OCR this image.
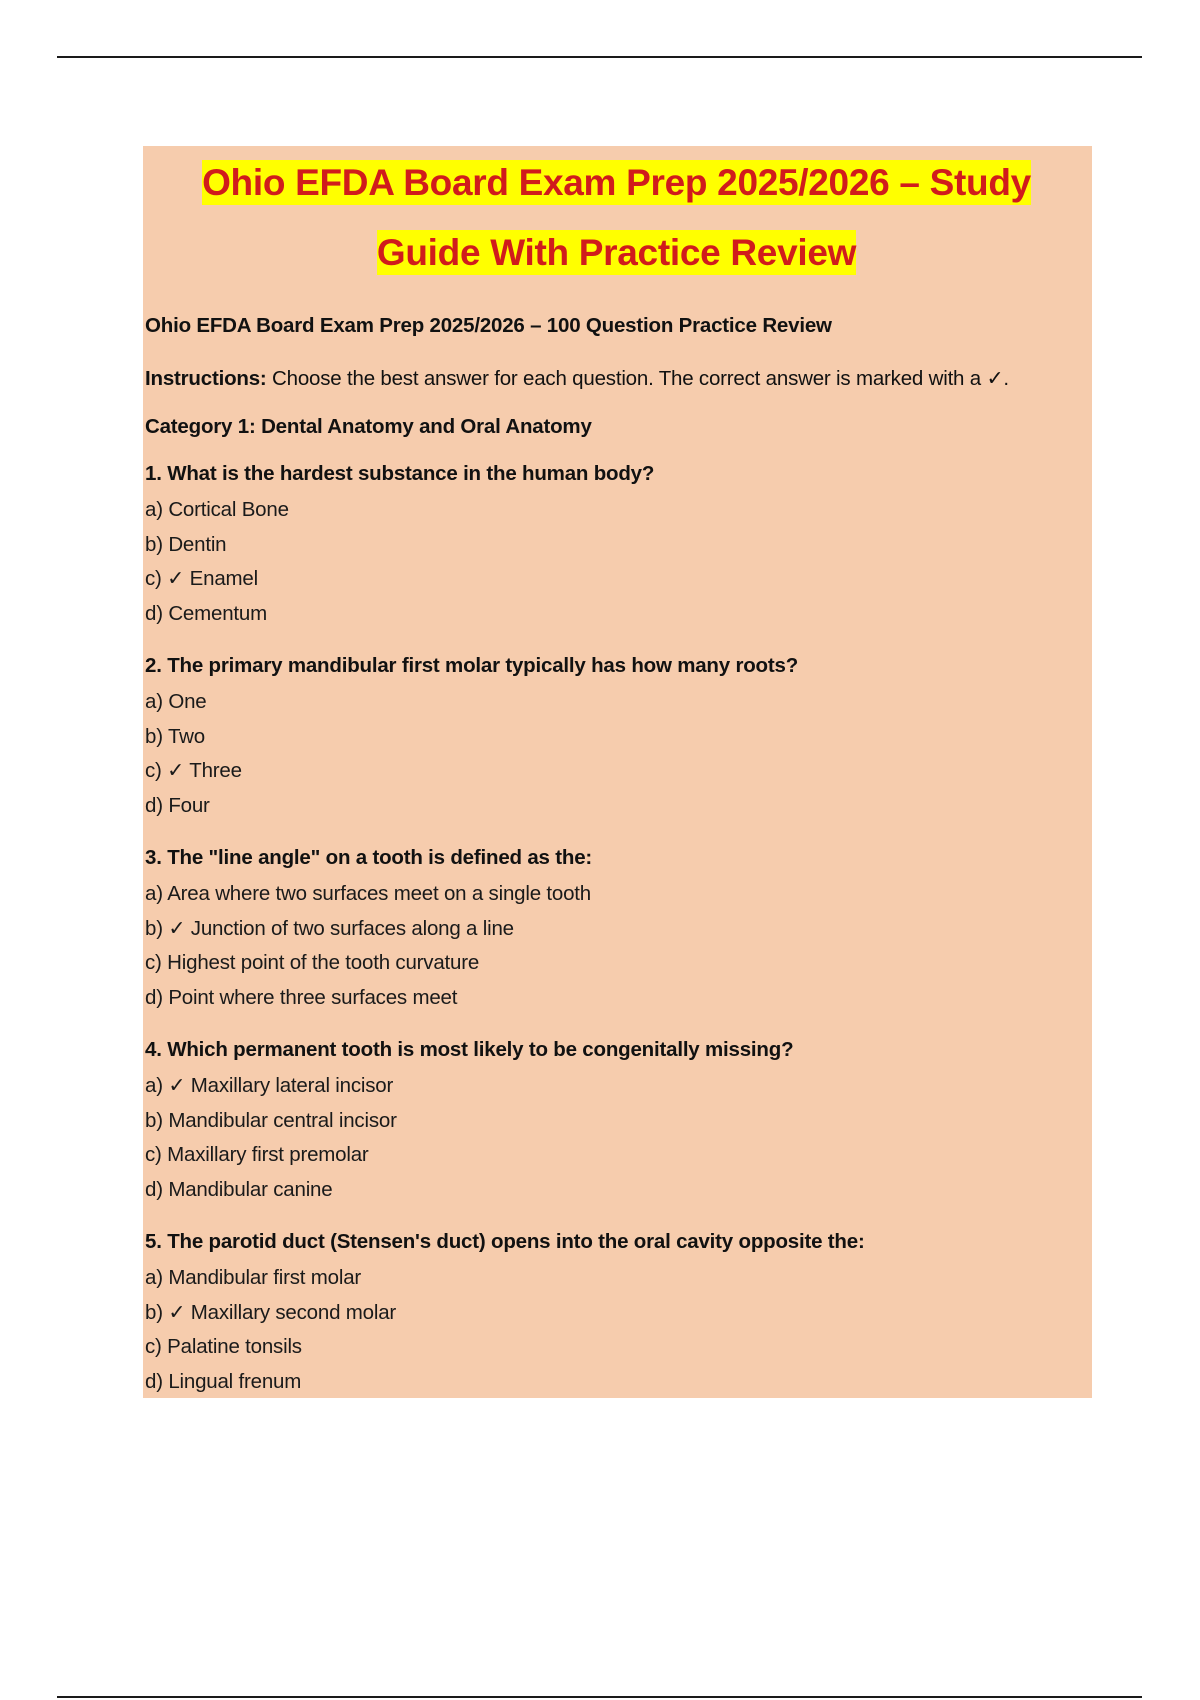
Ohio EFDA Board Exam Prep 2025/2026 – Study
Guide With Practice Review
Ohio EFDA Board Exam Prep 2025/2026 – 100 Question Practice Review
Instructions: Choose the best answer for each question. The correct answer is marked with a ✓.
Category 1: Dental Anatomy and Oral Anatomy
1. What is the hardest substance in the human body?
a) Cortical Bone
b) Dentin
c) ✓ Enamel
d) Cementum
2. The primary mandibular first molar typically has how many roots?
a) One
b) Two
c) ✓ Three
d) Four
3. The "line angle" on a tooth is defined as the:
a) Area where two surfaces meet on a single tooth
b) ✓ Junction of two surfaces along a line
c) Highest point of the tooth curvature
d) Point where three surfaces meet
4. Which permanent tooth is most likely to be congenitally missing?
a) ✓ Maxillary lateral incisor
b) Mandibular central incisor
c) Maxillary first premolar
d) Mandibular canine
5. The parotid duct (Stensen's duct) opens into the oral cavity opposite the:
a) Mandibular first molar
b) ✓ Maxillary second molar
c) Palatine tonsils
d) Lingual frenum
